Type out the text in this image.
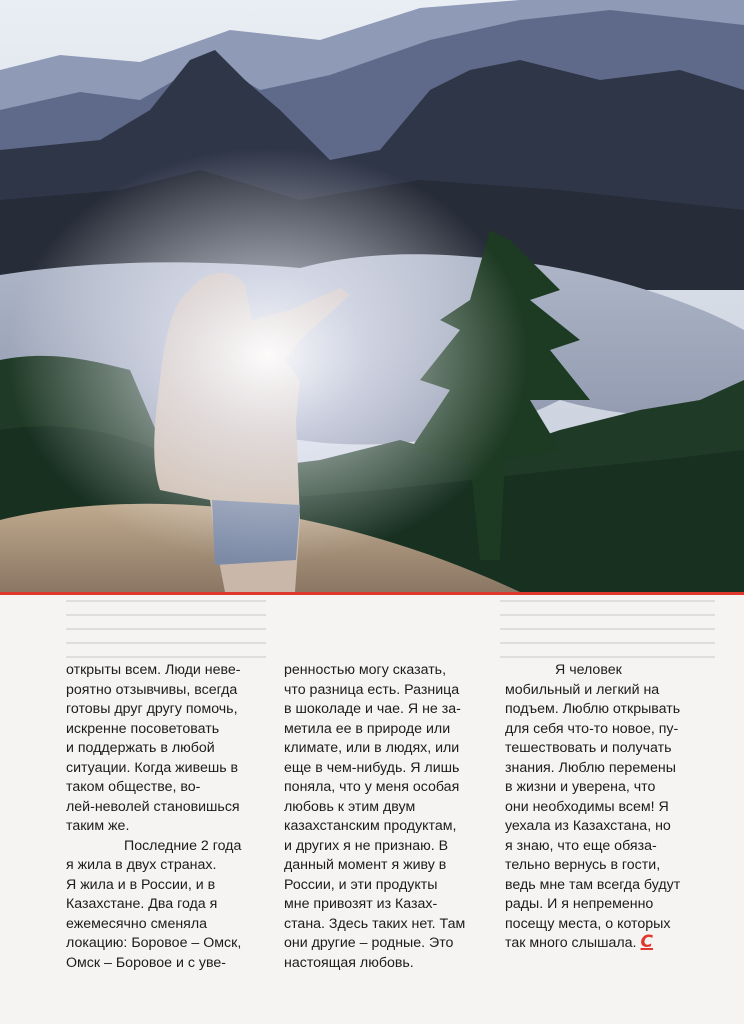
открыты всем. Люди неве-
роятно отзывчивы, всегда
готовы друг другу помочь,
искренне посоветовать
и поддержать в любой
ситуации. Когда живешь в
таком обществе, во-
лей-неволей становишься
таким же.
Последние 2 года
я жила в двух странах.
Я жила и в России, и в
Казахстане. Два года я
ежемесячно сменяла
локацию: Боровое – Омск,
Омск – Боровое и с уве-

ренностью могу сказать,
что разница есть. Разница
в шоколаде и чае. Я не за-
метила ее в природе или
климате, или в людях, или
еще в чем-нибудь. Я лишь
поняла, что у меня особая
любовь к этим двум
казахстанским продуктам,
и других я не признаю. В
данный момент я живу в
России, и эти продукты
мне привозят из Казах-
стана. Здесь таких нет. Там
они другие – родные. Это
настоящая любовь.

Я человек
мобильный и легкий на
подъем. Люблю открывать
для себя что-то новое, пу-
тешествовать и получать
знания. Люблю перемены
в жизни и уверена, что
они необходимы всем! Я
уехала из Казахстана, но
я знаю, что еще обяза-
тельно вернусь в гости,
ведь мне там всегда будут
рады. И я непременно
посещу места, о которых
так много слышала. C
